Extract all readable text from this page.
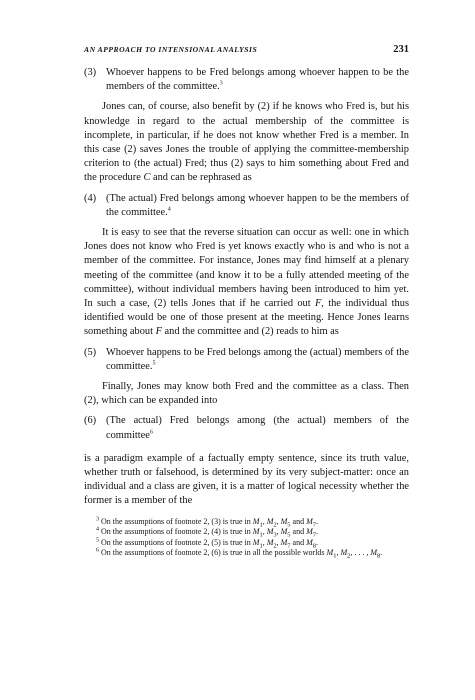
AN APPROACH TO INTENSIONAL ANALYSIS	231
(3) Whoever happens to be Fred belongs among whoever happen to be the members of the committee.$^3$

Jones can, of course, also benefit by (2) if he knows who Fred is, but his knowledge in regard to the actual membership of the committee is incomplete, in particular, if he does not know whether Fred is a member. In this case (2) saves Jones the trouble of applying the committee-membership criterion to (the actual) Fred; thus (2) says to him something about Fred and the procedure C and can be rephrased as

(4) (The actual) Fred belongs among whoever happen to be the members of the committee.$^4$

It is easy to see that the reverse situation can occur as well: one in which Jones does not know who Fred is yet knows exactly who is and who is not a member of the committee. For instance, Jones may find himself at a plenary meeting of the committee (and know it to be a fully attended meeting of the committee), without individual members having been introduced to him yet. In such a case, (2) tells Jones that if he carried out F, the individual thus identified would be one of those present at the meeting. Hence Jones learns something about F and the committee and (2) reads to him as

(5) Whoever happens to be Fred belongs among the (actual) members of the committee.$^5$

Finally, Jones may know both Fred and the committee as a class. Then (2), which can be expanded into

(6) (The actual) Fred belongs among (the actual) members of the committee$^6$

is a paradigm example of a factually empty sentence, since its truth value, whether truth or falsehood, is determined by its very subject-matter: once an individual and a class are given, it is a matter of logical necessity whether the former is a member of the

$^3$ On the assumptions of footnote 2, (3) is true in $M_1$, $M_2$, $M_5$ and $M_7$.

$^4$ On the assumptions of footnote 2, (4) is true in $M_1$, $M_3$, $M_5$ and $M_7$.

$^5$ On the assumptions of footnote 2, (5) is true in $M_1$, $M_2$, $M_7$ and $M_8$.

$^6$ On the assumptions of footnote 2, (6) is true in all the possible worlds $M_1$, $M_2$, . . . , $M_8$.
